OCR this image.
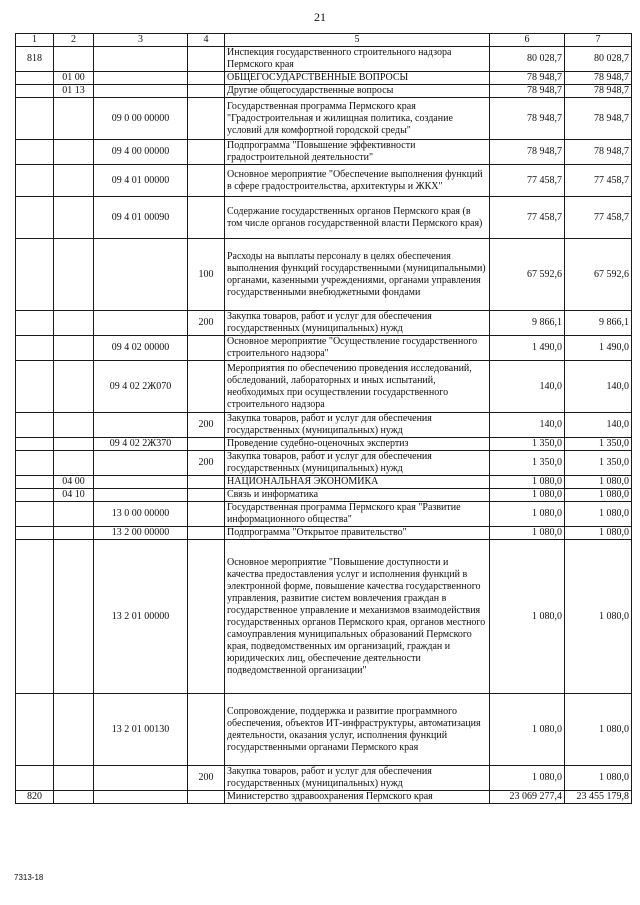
21
1	2	3	4	5	6	7
818				Инспекция государственного строительного надзора Пермского края	80 028,7	80 028,7
	01 00			ОБЩЕГОСУДАРСТВЕННЫЕ ВОПРОСЫ	78 948,7	78 948,7
	01 13			Другие общегосударственные вопросы	78 948,7	78 948,7
		09 0 00 00000		Государственная программа Пермского края "Градостроительная и жилищная политика, создание условий для комфортной городской среды"	78 948,7	78 948,7
		09 4 00 00000		Подпрограмма "Повышение эффективности градостроительной деятельности"	78 948,7	78 948,7
		09 4 01 00000		Основное мероприятие "Обеспечение выполнения функций в сфере градостроительства, архитектуры и ЖКХ"	77 458,7	77 458,7
		09 4 01 00090		Содержание государственных органов Пермского края (в том числе органов государственной власти Пермского края)	77 458,7	77 458,7
			100	Расходы на выплаты персоналу в целях обеспечения выполнения функций государственными (муниципальными) органами, казенными учреждениями, органами управления государственными внебюджетными фондами	67 592,6	67 592,6
			200	Закупка товаров, работ и услуг для обеспечения государственных (муниципальных) нужд	9 866,1	9 866,1
		09 4 02 00000		Основное мероприятие "Осуществление государственного строительного надзора"	1 490,0	1 490,0
		09 4 02 2Ж070		Мероприятия по обеспечению проведения исследований, обследований, лабораторных и иных испытаний, необходимых при осуществлении государственного строительного надзора	140,0	140,0
			200	Закупка товаров, работ и услуг для обеспечения государственных (муниципальных) нужд	140,0	140,0
		09 4 02 2Ж370		Проведение судебно-оценочных экспертиз	1 350,0	1 350,0
			200	Закупка товаров, работ и услуг для обеспечения государственных (муниципальных) нужд	1 350,0	1 350,0
	04 00			НАЦИОНАЛЬНАЯ ЭКОНОМИКА	1 080,0	1 080,0
	04 10			Связь и информатика	1 080,0	1 080,0
		13 0 00 00000		Государственная программа Пермского края "Развитие информационного общества"	1 080,0	1 080,0
		13 2 00 00000		Подпрограмма "Открытое правительство"	1 080,0	1 080,0
		13 2 01 00000		Основное мероприятие "Повышение доступности и качества предоставления услуг и исполнения функций в электронной форме, повышение качества государственного управления, развитие систем вовлечения граждан в государственное управление и механизмов взаимодействия государственных органов Пермского края, органов местного самоуправления муниципальных образований Пермского края, подведомственных им организаций, граждан и юридических лиц, обеспечение деятельности подведомственной организации"	1 080,0	1 080,0
		13 2 01 00130		Сопровождение, поддержка и развитие программного обеспечения, объектов ИТ-инфраструктуры, автоматизация деятельности, оказания услуг, исполнения функций государственными органами Пермского края	1 080,0	1 080,0
			200	Закупка товаров, работ и услуг для обеспечения государственных (муниципальных) нужд	1 080,0	1 080,0
820				Министерство здравоохранения Пермского края	23 069 277,4	23 455 179,8
7313-18
